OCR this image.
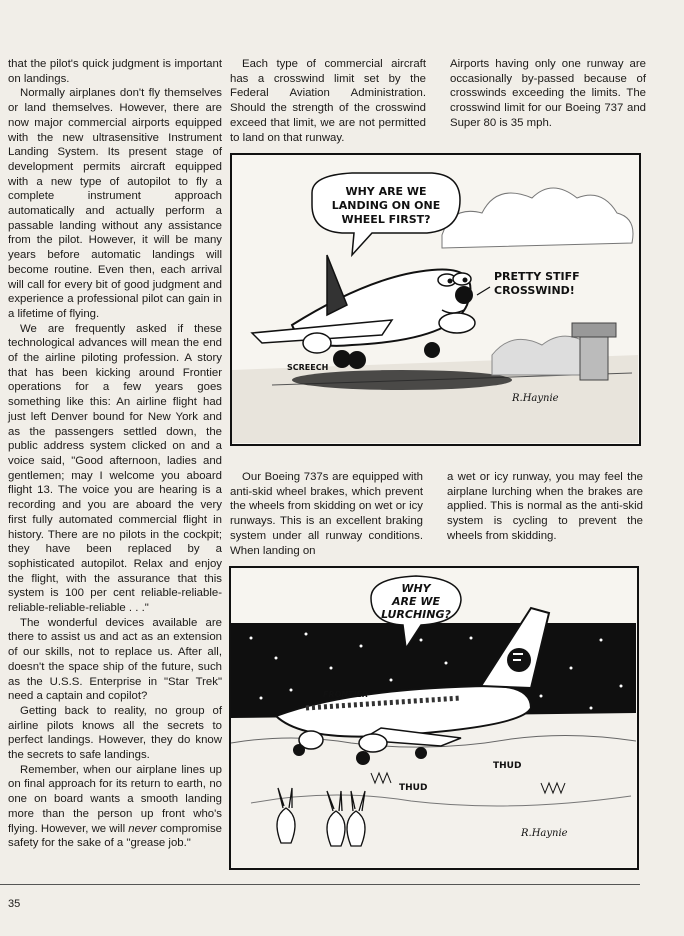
that the pilot's quick judgment is important on landings.

Normally airplanes don't fly themselves or land themselves. However, there are now major commercial airports equipped with the new ultrasensitive Instrument Landing System. Its present stage of development permits aircraft equipped with a new type of autopilot to fly a complete instrument approach automatically and actually perform a passable landing without any assistance from the pilot. However, it will be many years before automatic landings will become routine. Even then, each arrival will call for every bit of good judgment and experience a professional pilot can gain in a lifetime of flying.

We are frequently asked if these technological advances will mean the end of the airline piloting profession. A story that has been kicking around Frontier operations for a few years goes something like this: An airline flight had just left Denver bound for New York and as the passengers settled down, the public address system clicked on and a voice said, "Good afternoon, ladies and gentlemen; may I welcome you aboard flight 13. The voice you are hearing is a recording and you are aboard the very first fully automated commercial flight in history. There are no pilots in the cockpit; they have been replaced by a sophisticated autopilot. Relax and enjoy the flight, with the assurance that this system is 100 per cent reliable-reliable-reliable-reliable-reliable . . ."

The wonderful devices available are there to assist us and act as an extension of our skills, not to replace us. After all, doesn't the space ship of the future, such as the U.S.S. Enterprise in "Star Trek" need a captain and copilot?

Getting back to reality, no group of airline pilots knows all the secrets to perfect landings. However, they do know the secrets to safe landings.

Remember, when our airplane lines up on final approach for its return to earth, no one on board wants a smooth landing more than the person up front who's flying. However, we will never compromise safety for the sake of a "grease job."

Each type of commercial aircraft has a crosswind limit set by the Federal Aviation Administration. Should the strength of the crosswind exceed that limit, we are not permitted to land on that runway.

Airports having only one runway are occasionally by-passed because of crosswinds exceeding the limits. The crosswind limit for our Boeing 737 and Super 80 is 35 mph.

WHY ARE WE
LANDING ON ONE
WHEEL FIRST?
PRETTY STIFF
CROSSWIND!
SCREECH
R.Haynie

Our Boeing 737s are equipped with anti-skid wheel brakes, which prevent the wheels from skidding on wet or icy runways. This is an excellent braking system under all runway conditions. When landing on

a wet or icy runway, you may feel the airplane lurching when the brakes are applied. This is normal as the anti-skid system is cycling to prevent the wheels from skidding.

FRONTIER
WHY
ARE WE
LURCHING?
THUD
THUD
R.Haynie
35
